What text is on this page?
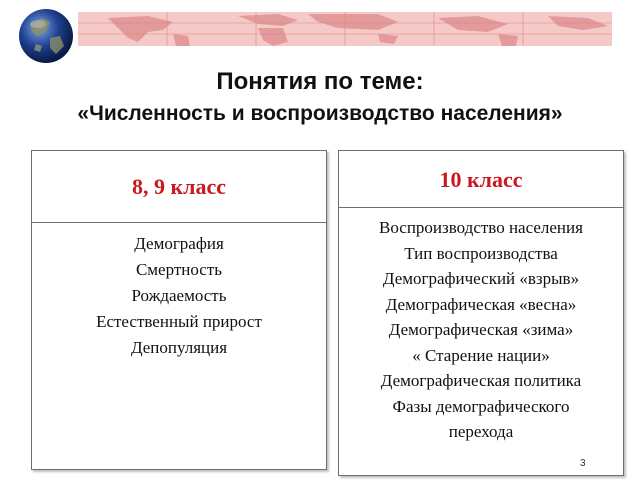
Понятия по теме:
«Численность и воспроизводство населения»
8, 9 класс
Демография
Смертность
Рождаемость
Естественный прирост
Депопуляция
10 класс
Воспроизводство населения
Тип воспроизводства
Демографический «взрыв»
Демографическая «весна»
Демографическая «зима»
« Старение нации»
Демографическая политика
Фазы демографического
перехода
3
